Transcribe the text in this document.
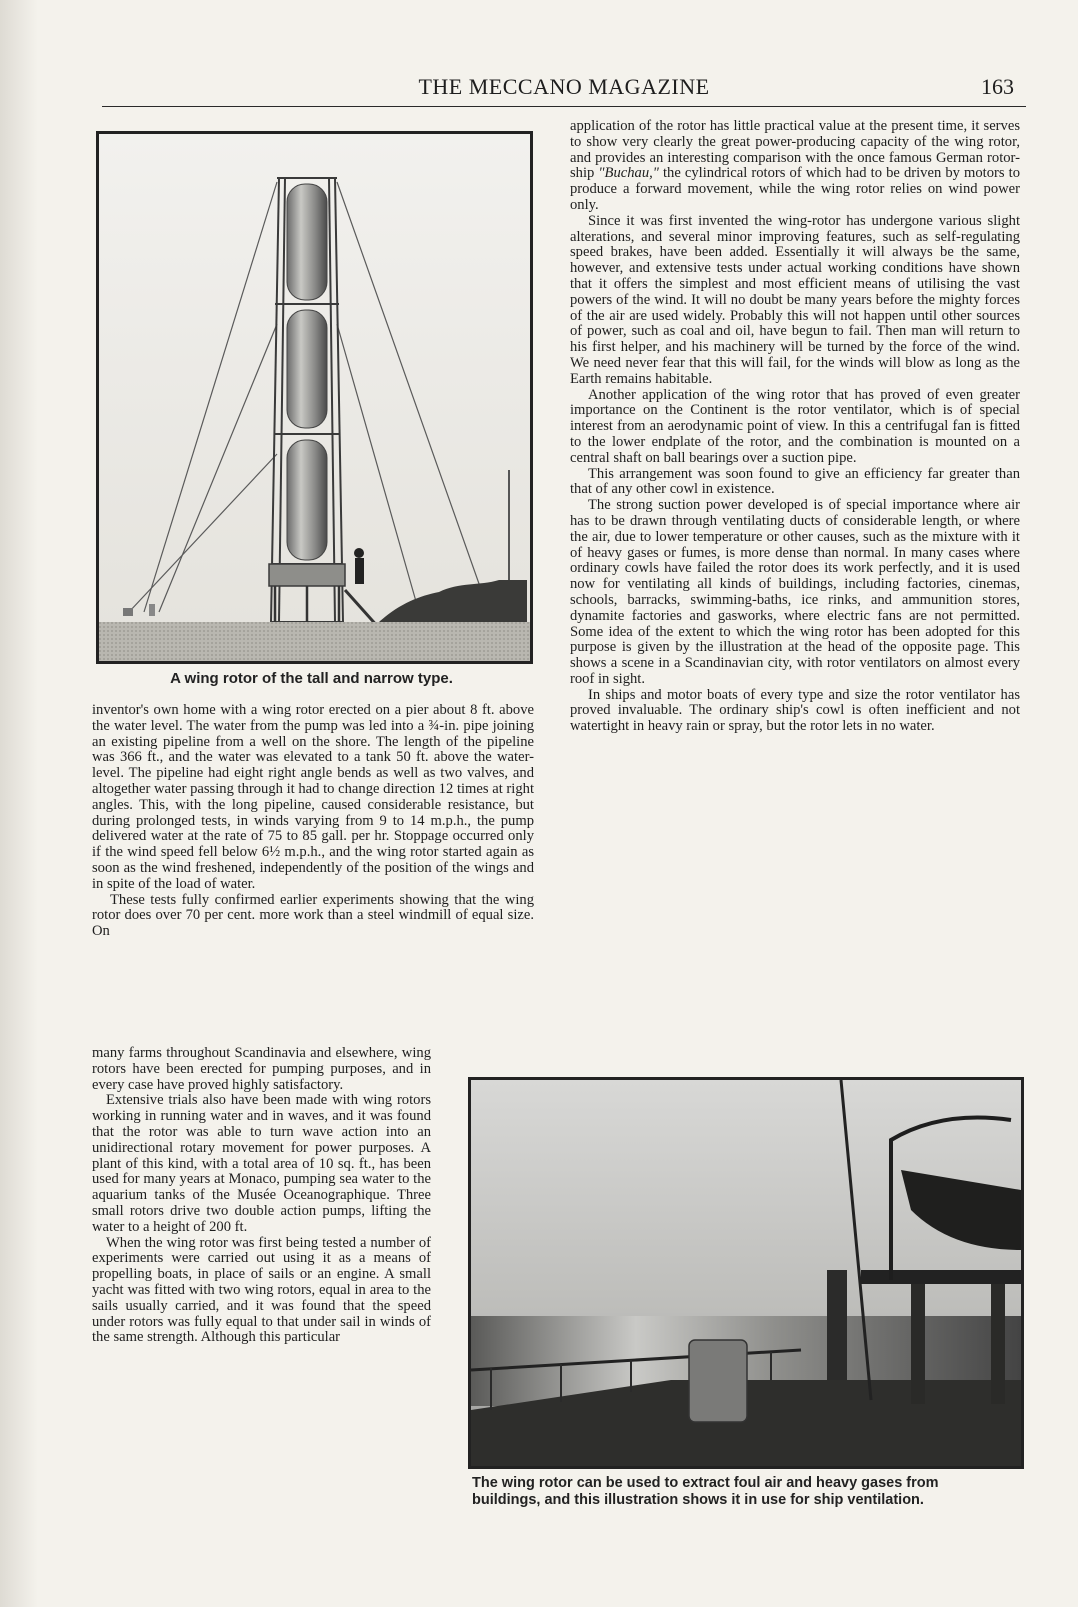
THE MECCANO MAGAZINE	163
A wing rotor of the tall and narrow type.

inventor's own home with a wing rotor erected on a pier about 8 ft. above the water level. The water from the pump was led into a ¾-in. pipe joining an existing pipeline from a well on the shore. The length of the pipeline was 366 ft., and the water was elevated to a tank 50 ft. above the water-level. The pipeline had eight right angle bends as well as two valves, and altogether water passing through it had to change direction 12 times at right angles. This, with the long pipeline, caused considerable resistance, but during prolonged tests, in winds varying from 9 to 14 m.p.h., the pump delivered water at the rate of 75 to 85 gall. per hr. Stoppage occurred only if the wind speed fell below 6½ m.p.h., and the wing rotor started again as soon as the wind freshened, independently of the position of the wings and in spite of the load of water.

These tests fully confirmed earlier experiments showing that the wing rotor does over 70 per cent. more work than a steel windmill of equal size. On

many farms throughout Scandinavia and elsewhere, wing rotors have been erected for pumping purposes, and in every case have proved highly satisfactory.

Extensive trials also have been made with wing rotors working in running water and in waves, and it was found that the rotor was able to turn wave action into an unidirectional rotary movement for power purposes. A plant of this kind, with a total area of 10 sq. ft., has been used for many years at Monaco, pumping sea water to the aquarium tanks of the Musée Oceanographique. Three small rotors drive two double action pumps, lifting the water to a height of 200 ft.

When the wing rotor was first being tested a number of experiments were carried out using it as a means of propelling boats, in place of sails or an engine. A small yacht was fitted with two wing rotors, equal in area to the sails usually carried, and it was found that the speed under rotors was fully equal to that under sail in winds of the same strength. Although this particular

application of the rotor has little practical value at the present time, it serves to show very clearly the great power-producing capacity of the wing rotor, and provides an interesting comparison with the once famous German rotor-ship "Buchau," the cylindrical rotors of which had to be driven by motors to produce a forward movement, while the wing rotor relies on wind power only.

Since it was first invented the wing-rotor has undergone various slight alterations, and several minor improving features, such as self-regulating speed brakes, have been added. Essentially it will always be the same, however, and extensive tests under actual working conditions have shown that it offers the simplest and most efficient means of utilising the vast powers of the wind. It will no doubt be many years before the mighty forces of the air are used widely. Probably this will not happen until other sources of power, such as coal and oil, have begun to fail. Then man will return to his first helper, and his machinery will be turned by the force of the wind. We need never fear that this will fail, for the winds will blow as long as the Earth remains habitable.

Another application of the wing rotor that has proved of even greater importance on the Continent is the rotor ventilator, which is of special interest from an aerodynamic point of view. In this a centrifugal fan is fitted to the lower endplate of the rotor, and the combination is mounted on a central shaft on ball bearings over a suction pipe.

This arrangement was soon found to give an efficiency far greater than that of any other cowl in existence.

The strong suction power developed is of special importance where air has to be drawn through ventilating ducts of considerable length, or where the air, due to lower temperature or other causes, such as the mixture with it of heavy gases or fumes, is more dense than normal. In many cases where ordinary cowls have failed the rotor does its work perfectly, and it is used now for ventilating all kinds of buildings, including factories, cinemas, schools, barracks, swimming-baths, ice rinks, and ammunition stores, dynamite factories and gasworks, where electric fans are not permitted. Some idea of the extent to which the wing rotor has been adopted for this purpose is given by the illustration at the head of the opposite page. This shows a scene in a Scandinavian city, with rotor ventilators on almost every roof in sight.

In ships and motor boats of every type and size the rotor ventilator has proved invaluable. The ordinary ship's cowl is often inefficient and not watertight in heavy rain or spray, but the rotor lets in no water.

The wing rotor can be used to extract foul air and heavy gases from
buildings, and this illustration shows it in use for ship ventilation.
